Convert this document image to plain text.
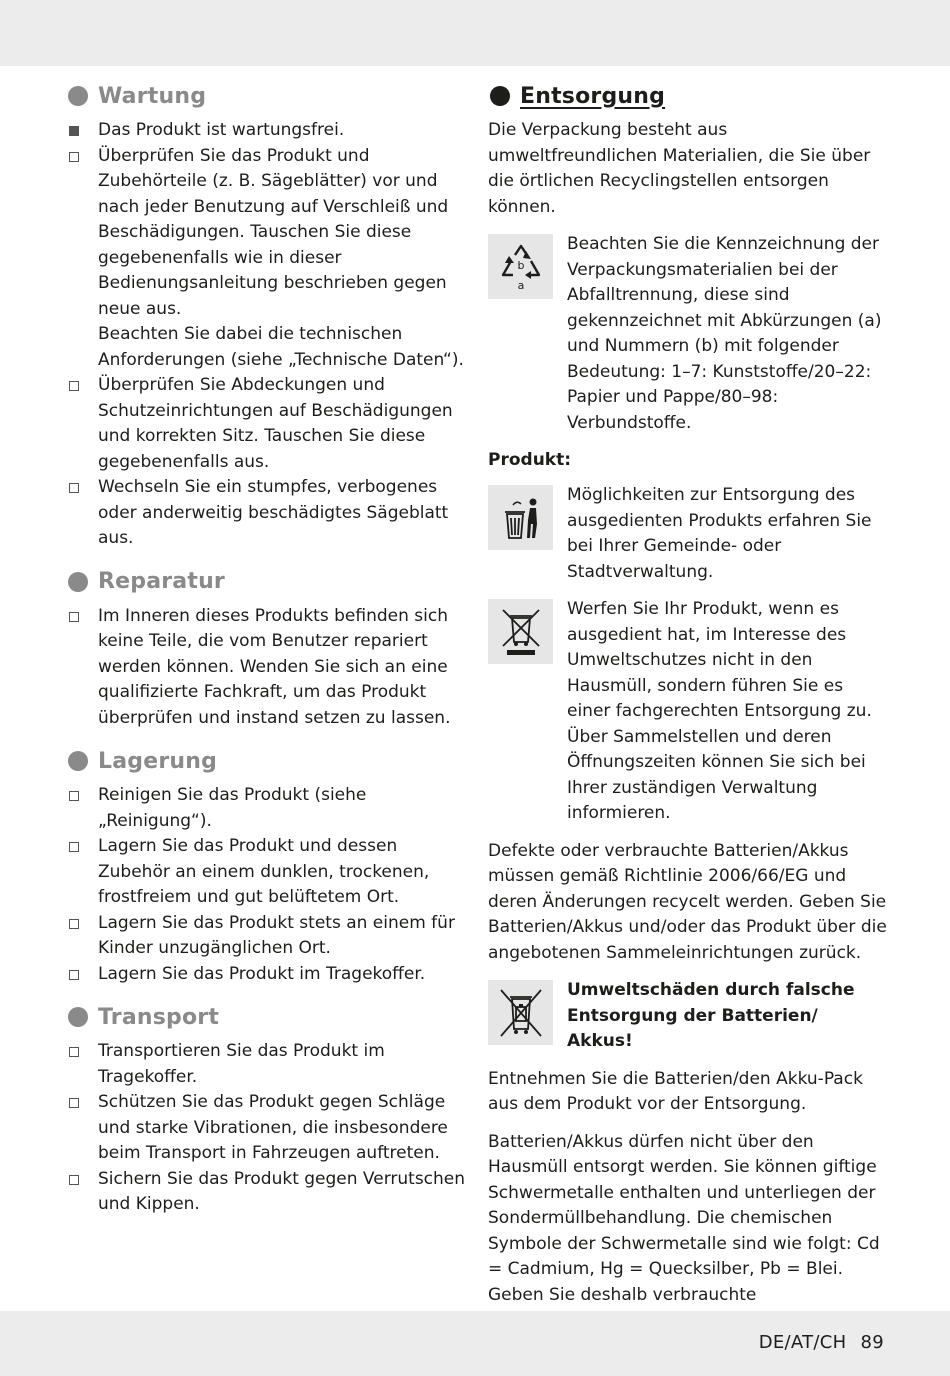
Wartung
Das Produkt ist wartungsfrei.
Überprüfen Sie das Produkt und Zubehörteile (z. B. Sägeblätter) vor und nach jeder Benutzung auf Verschleiß und Beschädigungen. Tauschen Sie diese gegebenenfalls wie in dieser Bedienungsanleitung beschrieben gegen neue aus.
Beachten Sie dabei die technischen Anforderungen (siehe „Technische Daten“).
Überprüfen Sie Abdeckungen und Schutzeinrichtungen auf Beschädigungen und korrekten Sitz. Tauschen Sie diese gegebenenfalls aus.
Wechseln Sie ein stumpfes, verbogenes oder anderweitig beschädigtes Sägeblatt aus.
Reparatur
Im Inneren dieses Produkts befinden sich keine Teile, die vom Benutzer repariert werden können. Wenden Sie sich an eine qualifizierte Fachkraft, um das Produkt überprüfen und instand setzen zu lassen.
Lagerung
Reinigen Sie das Produkt (siehe „Reinigung“).
Lagern Sie das Produkt und dessen Zubehör an einem dunklen, trockenen, frostfreiem und gut belüftetem Ort.
Lagern Sie das Produkt stets an einem für Kinder unzugänglichen Ort.
Lagern Sie das Produkt im Tragekoffer.
Transport
Transportieren Sie das Produkt im Tragekoffer.
Schützen Sie das Produkt gegen Schläge und starke Vibrationen, die insbesondere beim Transport in Fahrzeugen auftreten.
Sichern Sie das Produkt gegen Verrutschen und Kippen.
Entsorgung

Die Verpackung besteht aus umweltfreundlichen Materialien, die Sie über die örtlichen Recyclingstellen entsorgen können.

b
a

Beachten Sie die Kennzeichnung der Verpackungsmaterialien bei der Abfalltrennung, diese sind gekennzeichnet mit Abkürzungen (a) und Nummern (b) mit folgender Bedeutung: 1–7: Kunststoffe/20–22: Papier und Pappe/80–98: Verbundstoffe.

Produkt:

Möglichkeiten zur Entsorgung des ausgedienten Produkts erfahren Sie bei Ihrer Gemeinde- oder Stadtverwaltung.

Werfen Sie Ihr Produkt, wenn es ausgedient hat, im Interesse des Umweltschutzes nicht in den Hausmüll, sondern führen Sie es einer fachgerechten Entsorgung zu. Über Sammelstellen und deren Öffnungszeiten können Sie sich bei Ihrer zuständigen Verwaltung informieren.

Defekte oder verbrauchte Batterien/Akkus müssen gemäß Richtlinie 2006/66/EG und deren Änderungen recycelt werden. Geben Sie Batterien/Akkus und/oder das Produkt über die angebotenen Sammeleinrichtungen zurück.

Umweltschäden durch falsche Entsorgung der Batterien/ Akkus!

Entnehmen Sie die Batterien/den Akku-Pack aus dem Produkt vor der Entsorgung.

Batterien/Akkus dürfen nicht über den Hausmüll entsorgt werden. Sie können giftige Schwermetalle enthalten und unterliegen der Sondermüllbehandlung. Die chemischen Symbole der Schwermetalle sind wie folgt: Cd = Cadmium, Hg = Quecksilber, Pb = Blei. Geben Sie deshalb verbrauchte

DE/AT/CH 89
